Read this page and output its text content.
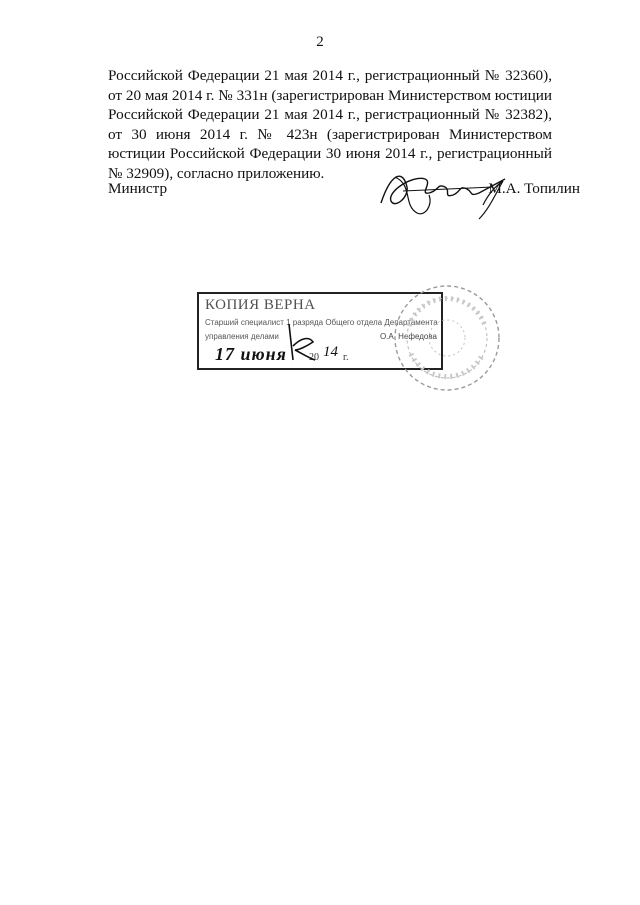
2

Российской Федерации 21 мая 2014 г., регистрационный № 32360), от 20 мая 2014 г. № 331н (зарегистрирован Министерством юстиции Российской Федерации 21 мая 2014 г., регистрационный № 32382), от 30 июня 2014 г. № 423н (зарегистрирован Министерством юстиции Российской Федерации 30 июня 2014 г., регистрационный № 32909), согласно приложению.

Министр	М.А. Топилин
КОПИЯ ВЕРНА
Старший специалист 1 разряда Общего отдела Департамента
управления делами	О.А. Нефедова
17 июня 20 14 г.
